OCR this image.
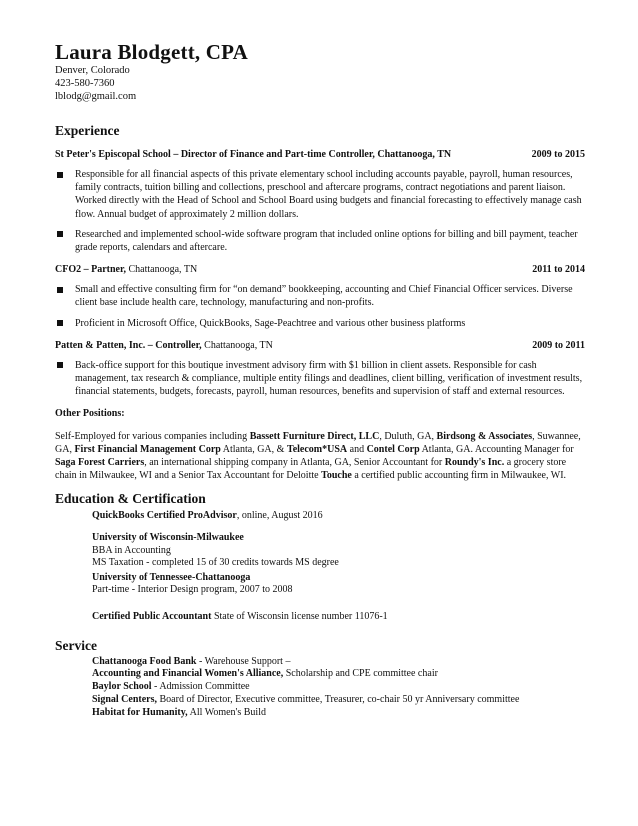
Laura Blodgett, CPA
Denver, Colorado
423-580-7360
lblodg@gmail.com
Experience
St Peter's Episcopal School – Director of Finance and Part-time Controller, Chattanooga, TN	2009 to 2015
Responsible for all financial aspects of this private elementary school including accounts payable, payroll, human resources, family contracts, tuition billing and collections, preschool and aftercare programs, contract negotiations and parent liaison. Worked directly with the Head of School and School Board using budgets and financial forecasting to effectively manage cash flow. Annual budget of approximately 2 million dollars.
Researched and implemented school-wide software program that included online options for billing and bill payment, teacher grade reports, calendars and aftercare.
CFO2 – Partner, Chattanooga, TN	2011 to 2014
Small and effective consulting firm for “on demand” bookkeeping, accounting and Chief Financial Officer services. Diverse client base include health care, technology, manufacturing and non-profits.
Proficient in Microsoft Office, QuickBooks, Sage-Peachtree and various other business platforms
Patten & Patten, Inc. – Controller, Chattanooga, TN	2009 to 2011
Back-office support for this boutique investment advisory firm with $1 billion in client assets. Responsible for cash management, tax research & compliance, multiple entity filings and deadlines, client billing, verification of investment results, financial statements, budgets, forecasts, payroll, human resources, benefits and supervision of staff and external resources.
Other Positions:
Self-Employed for various companies including Bassett Furniture Direct, LLC, Duluth, GA, Birdsong & Associates, Suwannee, GA, First Financial Management Corp Atlanta, GA, & Telecom*USA and Contel Corp Atlanta, GA. Accounting Manager for Saga Forest Carriers, an international shipping company in Atlanta, GA, Senior Accountant for Roundy's Inc. a grocery store chain in Milwaukee, WI and a Senior Tax Accountant for Deloitte Touche a certified public accounting firm in Milwaukee, WI.
Education & Certification
QuickBooks Certified ProAdvisor, online, August 2016
University of Wisconsin-Milwaukee
BBA in Accounting
MS Taxation - completed 15 of 30 credits towards MS degree
University of Tennessee-Chattanooga
Part-time - Interior Design program, 2007 to 2008
Certified Public Accountant State of Wisconsin license number 11076-1
Service
Chattanooga Food Bank - Warehouse Support –
Accounting and Financial Women's Alliance, Scholarship and CPE committee chair
Baylor School - Admission Committee
Signal Centers, Board of Director, Executive committee, Treasurer, co-chair 50 yr Anniversary committee
Habitat for Humanity, All Women's Build
